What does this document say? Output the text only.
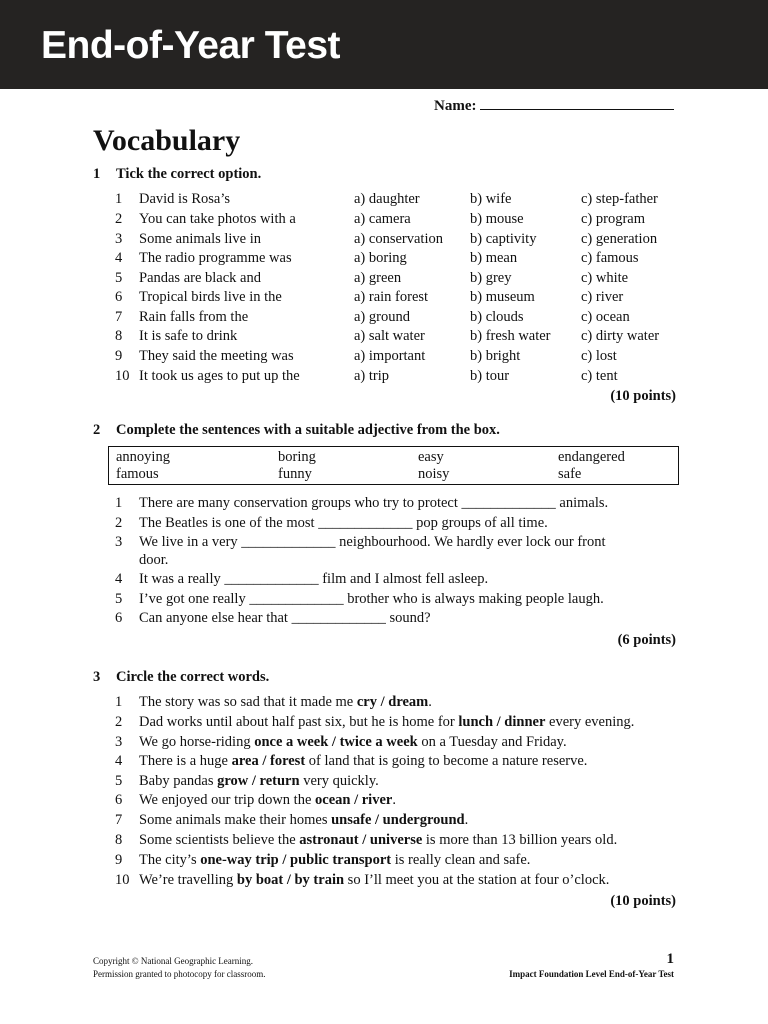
End-of-Year Test
Name:
Vocabulary
1 Tick the correct option.
1	David is Rosa’s	a) daughter	b) wife	c) step-father
2	You can take photos with a	a) camera	b) mouse	c) program
3	Some animals live in	a) conservation b) captivity	c) generation
4	The radio programme was	a) boring	b) mean	c) famous
5	Pandas are black and	a) green	b) grey	c) white
6	Tropical birds live in the	a) rain forest	b) museum	c) river
7	Rain falls from the	a) ground	b) clouds	c) ocean
8	It is safe to drink	a) salt water	b) fresh water c) dirty water
9	They said the meeting was	a) important	b) bright	c) lost
10 It took us ages to put up the	a) trip	b) tour	c) tent
(10 points)
2 Complete the sentences with a suitable adjective from the box.
annoying	boring	easy	endangered
famous	funny	noisy	safe
1	There are many conservation groups who try to protect _____________ animals.
2	The Beatles is one of the most _____________ pop groups of all time.
3	We live in a very _____________ neighbourhood. We hardly ever lock our front
door.
4	It was a really _____________ film and I almost fell asleep.
5	I’ve got one really _____________ brother who is always making people laugh.
6	Can anyone else hear that _____________ sound?
(6 points)
3 Circle the correct words.
1	The story was so sad that it made me cry / dream.
2	Dad works until about half past six, but he is home for lunch / dinner every evening.
3	We go horse-riding once a week / twice a week on a Tuesday and Friday.
4	There is a huge area / forest of land that is going to become a nature reserve.
5	Baby pandas grow / return very quickly.
6	We enjoyed our trip down the ocean / river.
7	Some animals make their homes unsafe / underground.
8	Some scientists believe the astronaut / universe is more than 13 billion years old.
9	The city’s one-way trip / public transport is really clean and safe.
10 We’re travelling by boat / by train so I’ll meet you at the station at four o’clock.
(10 points)
Copyright © National Geographic Learning.
Permission granted to photocopy for classroom.
1
Impact Foundation Level End-of-Year Test
